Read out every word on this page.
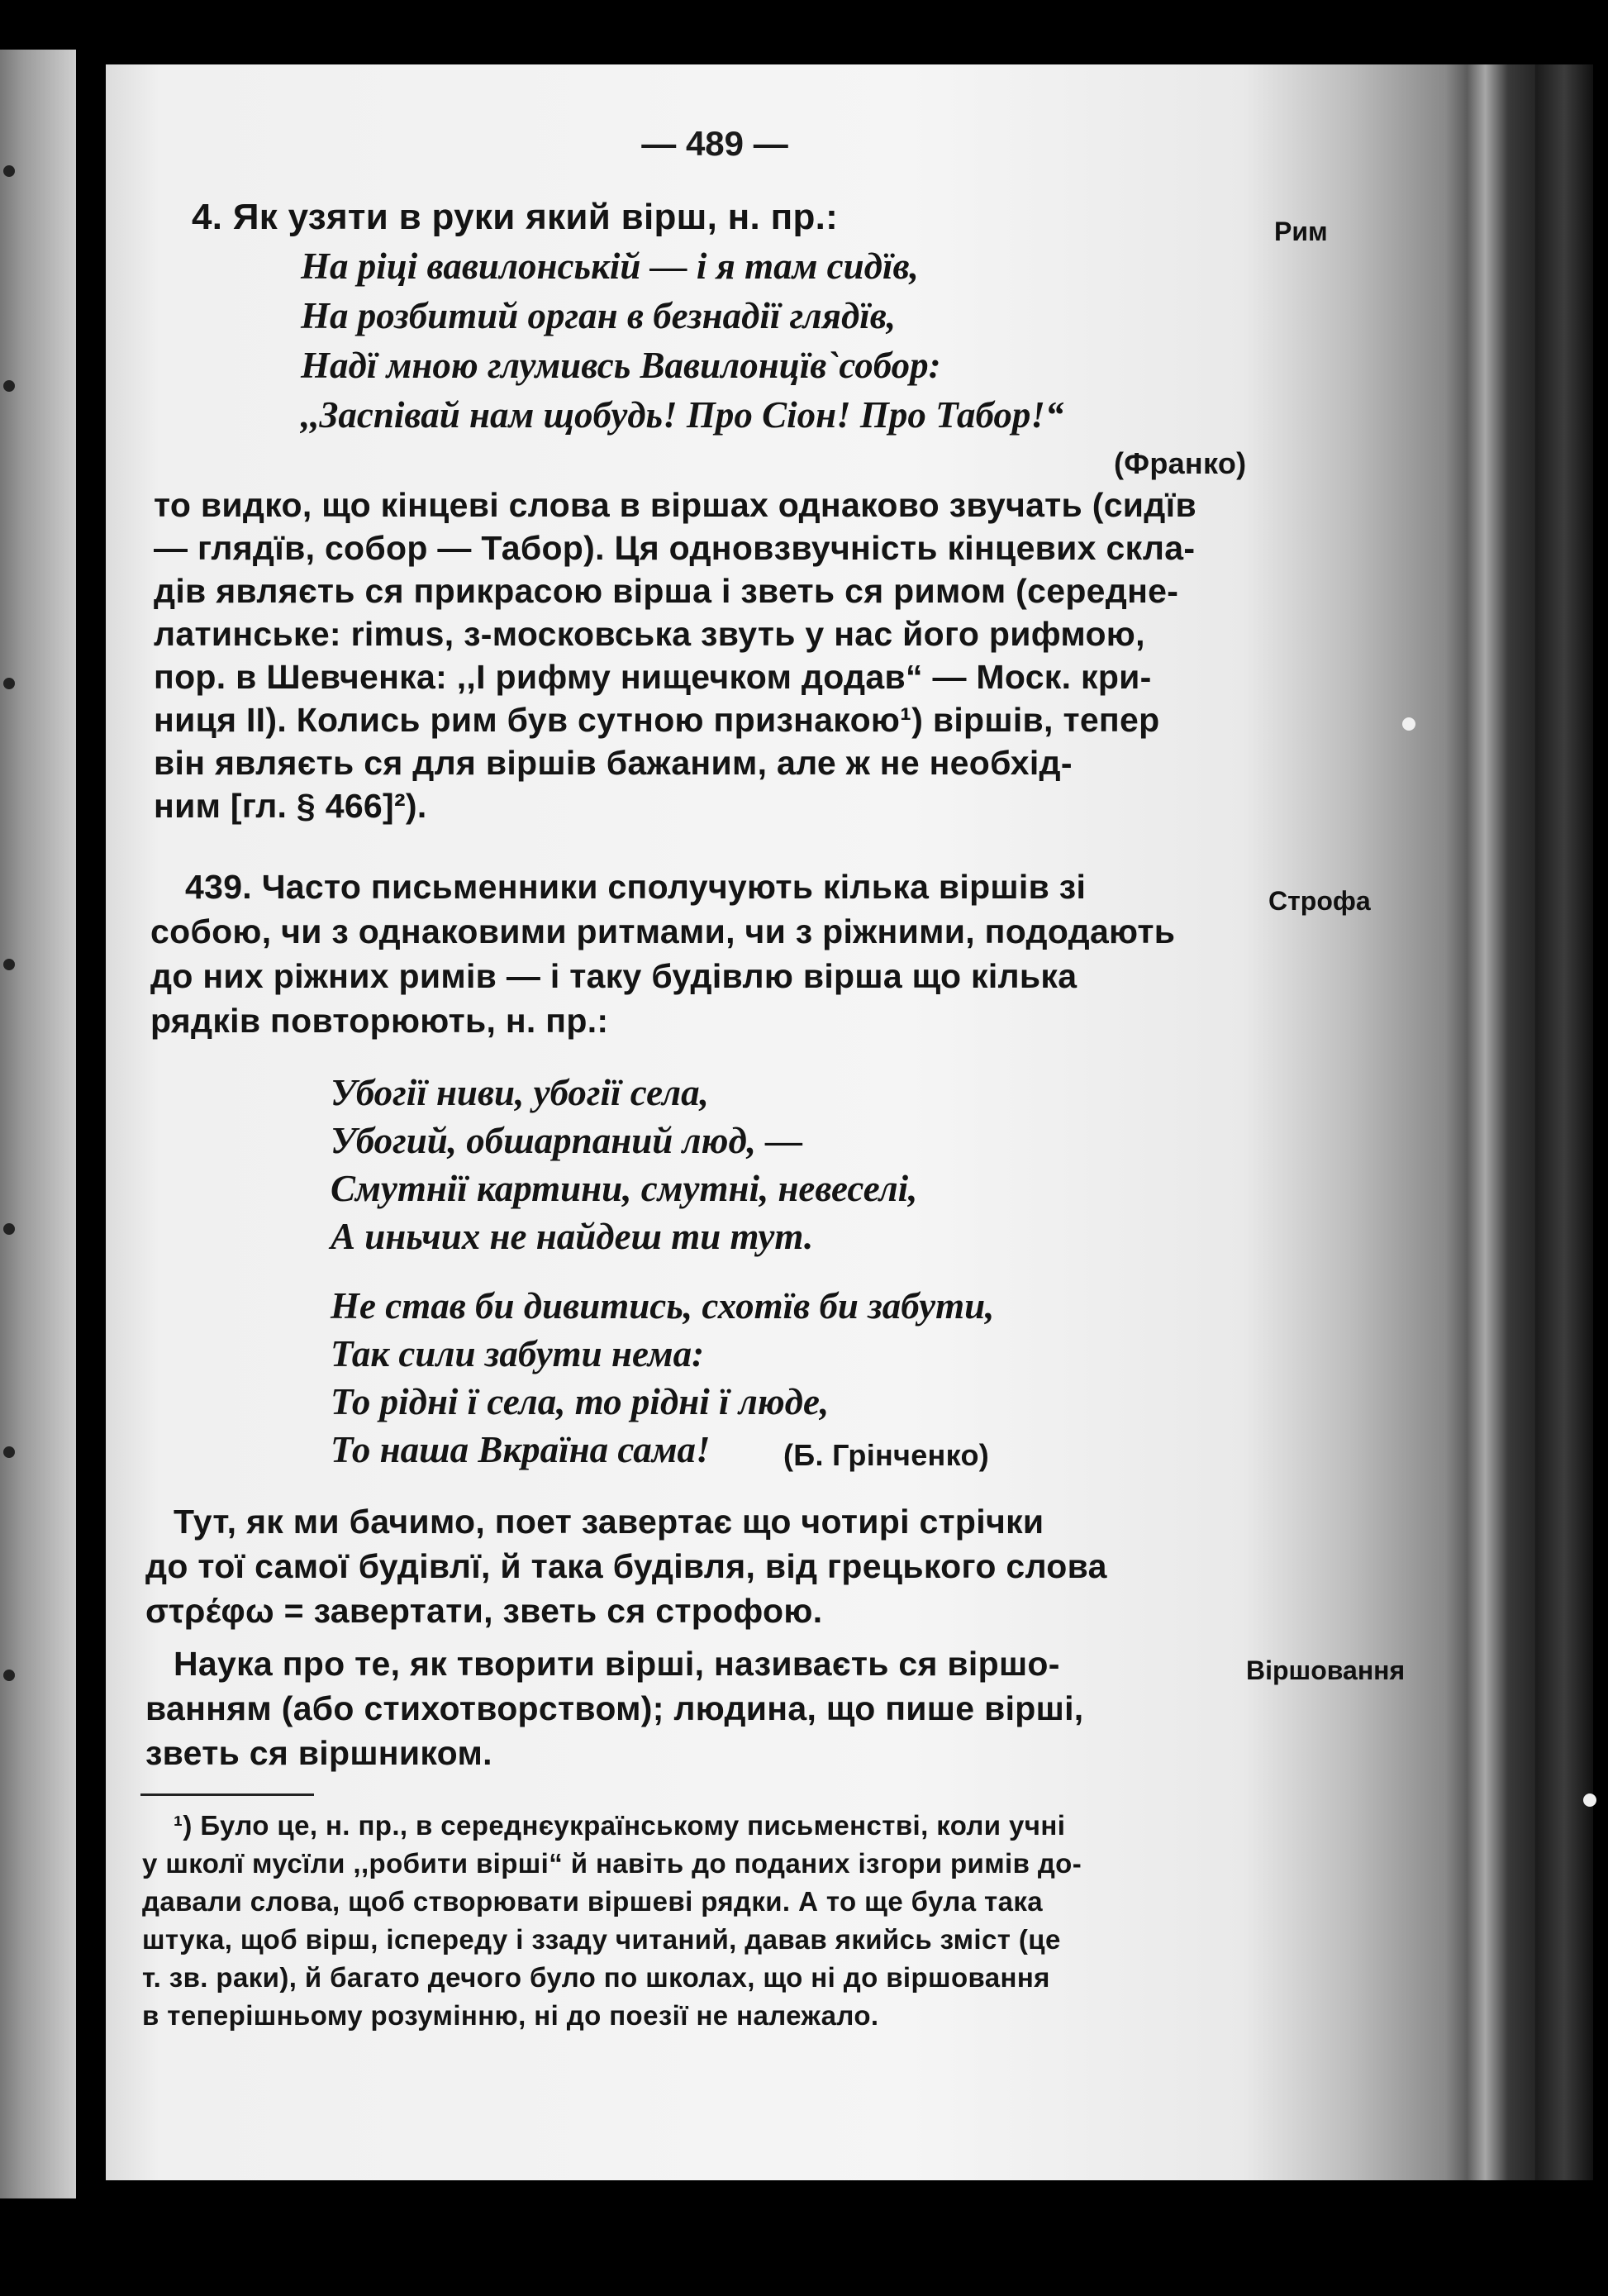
— 489 —
Рим
Строфа
Віршовання
4. Як узяти в руки який вірш, н. пр.:
На ріці вавилонській — і я там сидїв,
На розбитий орган в безнадії глядїв,
Надї мною глумивсь Вавилонцїв`собор:
,,Заспівай нам щобудь! Про Сіон! Про Табор!“
(Франко)
то видко, що кінцеві слова в віршах однаково звучать (сидїв
— глядїв, собор — Табор). Ця одновзвучність кінцевих скла-
дів являєть ся прикрасою вірша і зветь ся римом (середне-
латинське: rimus, з-московська звуть у нас його рифмою,
пор. в Шевченка: ,,I рифму нищечком додав“ — Моск. кри-
ниця II). Колись рим був сутною признакою¹) віршів, тепер
він являєть ся для віршів бажаним, але ж не необхід-
ним [гл. § 466]²).
439. Часто письменники сполучують кілька віршів зі
собою, чи з однаковими ритмами, чи з ріжними, пододають
до них ріжних римів — і таку будівлю вірша що кілька
рядків повторюють, н. пр.:
Убогії ниви, убогії села,
Убогий, обшарпаний люд, —
Смутнії картини, смутні, невеселі,
А иньчих не найдеш ти тут.
Не став би дивитись, схотїв би забути,
Так сили забути нема:
То рідні ї села, то рідні ї люде,
То наша Вкраїна сама! (Б. Грінченко)
Тут, як ми бачимо, поет завертає що чотирі стрічки
до тої самої будівлї, й така будівля, від грецького слова
στρέφω = завертати, зветь ся строфою.
Наука про те, як творити вірші, називаєть ся віршо-
ванням (або стихотворством); людина, що пише вірші,
зветь ся віршником.
¹) Було це, н. пр., в середнєукраїнському письменстві, коли учні
у школї мусїли ,,робити вірші“ й навіть до поданих ізгори римів до-
давали слова, щоб створювати віршеві рядки. А то ще була така
штука, щоб вірш, іспереду і ззаду читаний, давав якийсь зміст (це
т. зв. раки), й багато дечого було по школах, що ні до віршовання
в теперішньому розумінню, ні до поезії не належало.
